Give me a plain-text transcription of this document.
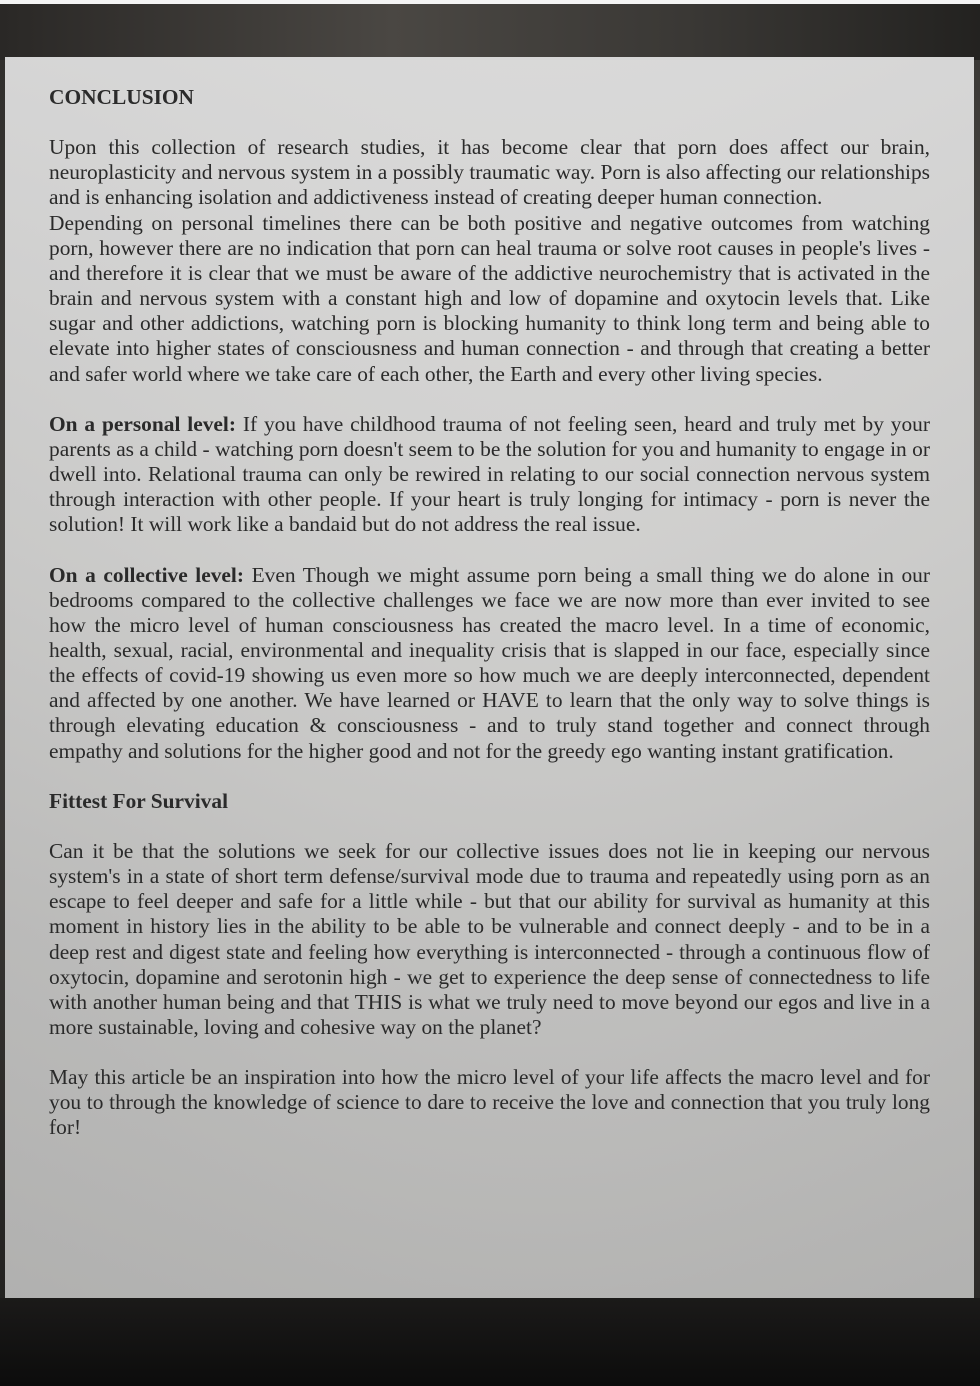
CONCLUSION

Upon this collection of research studies, it has become clear that porn does affect our brain, neuroplasticity and nervous system in a possibly traumatic way. Porn is also affecting our relationships and is enhancing isolation and addictiveness instead of creating deeper human connection.

Depending on personal timelines there can be both positive and negative outcomes from watching porn, however there are no indication that porn can heal trauma or solve root causes in people's lives - and therefore it is clear that we must be aware of the addictive neurochemistry that is activated in the brain and nervous system with a constant high and low of dopamine and oxytocin levels that. Like sugar and other addictions, watching porn is blocking humanity to think long term and being able to elevate into higher states of consciousness and human connection - and through that creating a better and safer world where we take care of each other, the Earth and every other living species.

On a personal level: If you have childhood trauma of not feeling seen, heard and truly met by your parents as a child - watching porn doesn't seem to be the solution for you and humanity to engage in or dwell into. Relational trauma can only be rewired in relating to our social connection nervous system through interaction with other people. If your heart is truly longing for intimacy - porn is never the solution! It will work like a bandaid but do not address the real issue.

On a collective level: Even Though we might assume porn being a small thing we do alone in our bedrooms compared to the collective challenges we face we are now more than ever invited to see how the micro level of human consciousness has created the macro level. In a time of economic, health, sexual, racial, environmental and inequality crisis that is slapped in our face, especially since the effects of covid-19 showing us even more so how much we are deeply interconnected, dependent and affected by one another. We have learned or HAVE to learn that the only way to solve things is through elevating education & consciousness - and to truly stand together and connect through empathy and solutions for the higher good and not for the greedy ego wanting instant gratification.

Fittest For Survival

Can it be that the solutions we seek for our collective issues does not lie in keeping our nervous system's in a state of short term defense/survival mode due to trauma and repeatedly using porn as an escape to feel deeper and safe for a little while - but that our ability for survival as humanity at this moment in history lies in the ability to be able to be vulnerable and connect deeply - and to be in a deep rest and digest state and feeling how everything is interconnected - through a continuous flow of oxytocin, dopamine and serotonin high - we get to experience the deep sense of connectedness to life with another human being and that THIS is what we truly need to move beyond our egos and live in a more sustainable, loving and cohesive way on the planet?

May this article be an inspiration into how the micro level of your life affects the macro level and for you to through the knowledge of science to dare to receive the love and connection that you truly long for!
